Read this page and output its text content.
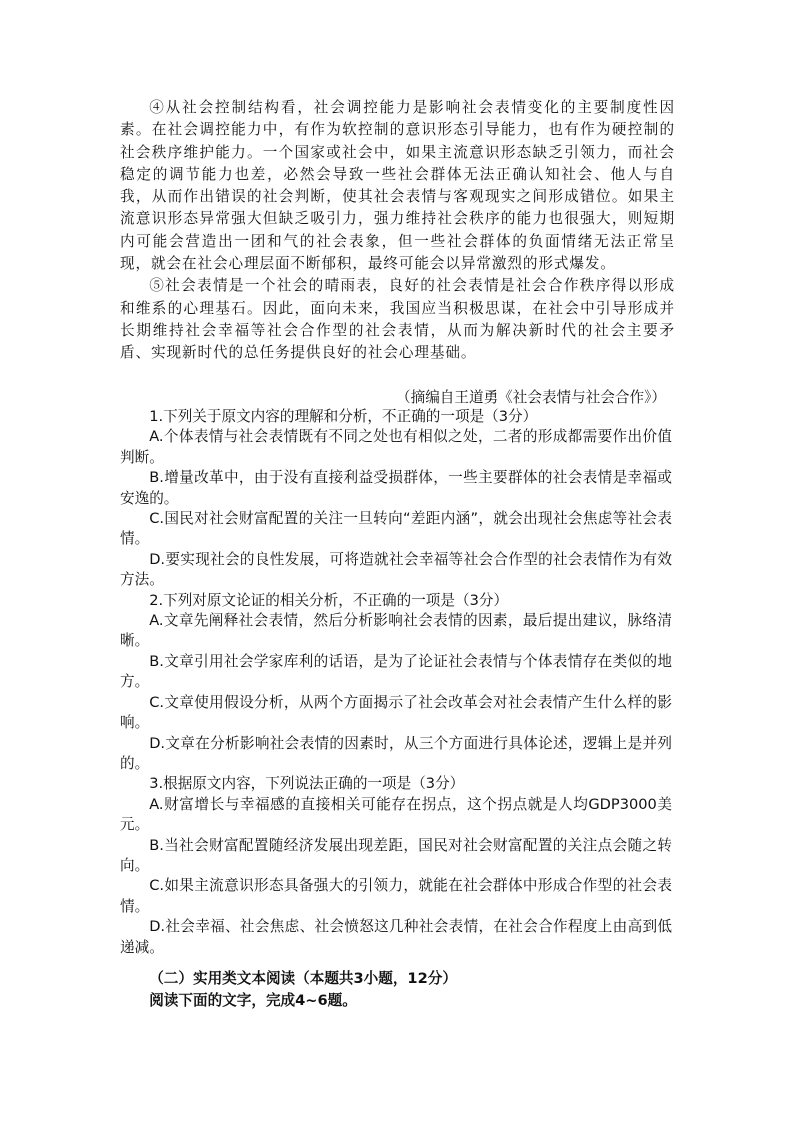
④从社会控制结构看，社会调控能力是影响社会表情变化的主要制度性因素。在社会调控能力中，有作为软控制的意识形态引导能力，也有作为硬控制的社会秩序维护能力。一个国家或社会中，如果主流意识形态缺乏引领力，而社会稳定的调节能力也差，必然会导致一些社会群体无法正确认知社会、他人与自我，从而作出错误的社会判断，使其社会表情与客观现实之间形成错位。如果主流意识形态异常强大但缺乏吸引力，强力维持社会秩序的能力也很强大，则短期内可能会营造出一团和气的社会表象，但一些社会群体的负面情绪无法正常呈现，就会在社会心理层面不断郁积，最终可能会以异常激烈的形式爆发。

⑤社会表情是一个社会的晴雨表，良好的社会表情是社会合作秩序得以形成和维系的心理基石。因此，面向未来，我国应当积极思谋，在社会中引导形成并长期维持社会幸福等社会合作型的社会表情，从而为解决新时代的社会主要矛盾、实现新时代的总任务提供良好的社会心理基础。

（摘编自王道勇《社会表情与社会合作》）

1.下列关于原文内容的理解和分析，不正确的一项是（3分）

A.个体表情与社会表情既有不同之处也有相似之处，二者的形成都需要作出价值判断。

B.增量改革中，由于没有直接利益受损群体，一些主要群体的社会表情是幸福或安逸的。

C.国民对社会财富配置的关注一旦转向“差距内涵”，就会出现社会焦虑等社会表情。

D.要实现社会的良性发展，可将造就社会幸福等社会合作型的社会表情作为有效方法。

2.下列对原文论证的相关分析，不正确的一项是（3分）

A.文章先阐释社会表情，然后分析影响社会表情的因素，最后提出建议，脉络清晰。

B.文章引用社会学家库利的话语，是为了论证社会表情与个体表情存在类似的地方。

C.文章使用假设分析，从两个方面揭示了社会改革会对社会表情产生什么样的影响。

D.文章在分析影响社会表情的因素时，从三个方面进行具体论述，逻辑上是并列的。

3.根据原文内容，下列说法正确的一项是（3分）

A.财富增长与幸福感的直接相关可能存在拐点，这个拐点就是人均GDP3000美元。

B.当社会财富配置随经济发展出现差距，国民对社会财富配置的关注点会随之转向。

C.如果主流意识形态具备强大的引领力，就能在社会群体中形成合作型的社会表情。

D.社会幸福、社会焦虑、社会愤怒这几种社会表情，在社会合作程度上由高到低递减。

（二）实用类文本阅读（本题共3小题，12分）

阅读下面的文字，完成4~6题。
